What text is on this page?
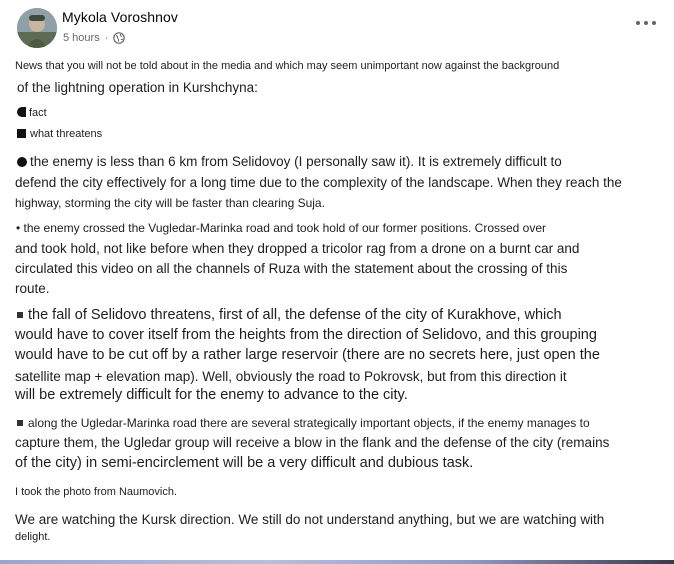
Mykola Voroshnov
5 hours ·
News that you will not be told about in the media and which may seem unimportant now against the background
of the lightning operation in Kurshchyna:
fact
what threatens
the enemy is less than 6 km from Selidovoy (I personally saw it). It is extremely difficult to
defend the city effectively for a long time due to the complexity of the landscape. When they reach the
highway, storming the city will be faster than clearing Suja.
• the enemy crossed the Vugledar-Marinka road and took hold of our former positions. Crossed over
and took hold, not like before when they dropped a tricolor rag from a drone on a burnt car and
circulated this video on all the channels of Ruza with the statement about the crossing of this
route.
the fall of Selidovo threatens, first of all, the defense of the city of Kurakhove, which
would have to cover itself from the heights from the direction of Selidovo, and this grouping
would have to be cut off by a rather large reservoir (there are no secrets here, just open the
satellite map + elevation map). Well, obviously the road to Pokrovsk, but from this direction it
will be extremely difficult for the enemy to advance to the city.
along the Ugledar-Marinka road there are several strategically important objects, if the enemy manages to
capture them, the Ugledar group will receive a blow in the flank and the defense of the city (remains
of the city) in semi-encirclement will be a very difficult and dubious task.
I took the photo from Naumovich.
We are watching the Kursk direction. We still do not understand anything, but we are watching with
delight.
